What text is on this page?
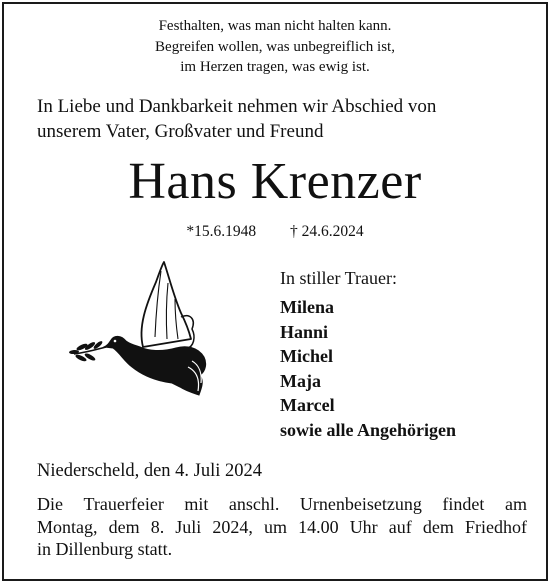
Festhalten, was man nicht halten kann.
Begreifen wollen, was unbegreiflich ist,
im Herzen tragen, was ewig ist.
In Liebe und Dankbarkeit nehmen wir Abschied von
unserem Vater, Großvater und Freund
Hans Krenzer
*15.6.1948 † 24.6.2024
In stiller Trauer:
Milena
Hanni
Michel
Maja
Marcel
sowie alle Angehörigen
Niederscheld, den 4. Juli 2024
Die Trauerfeier mit anschl. Urnenbeisetzung findet am
Montag, dem 8. Juli 2024, um 14.00 Uhr auf dem Friedhof
in Dillenburg statt.
